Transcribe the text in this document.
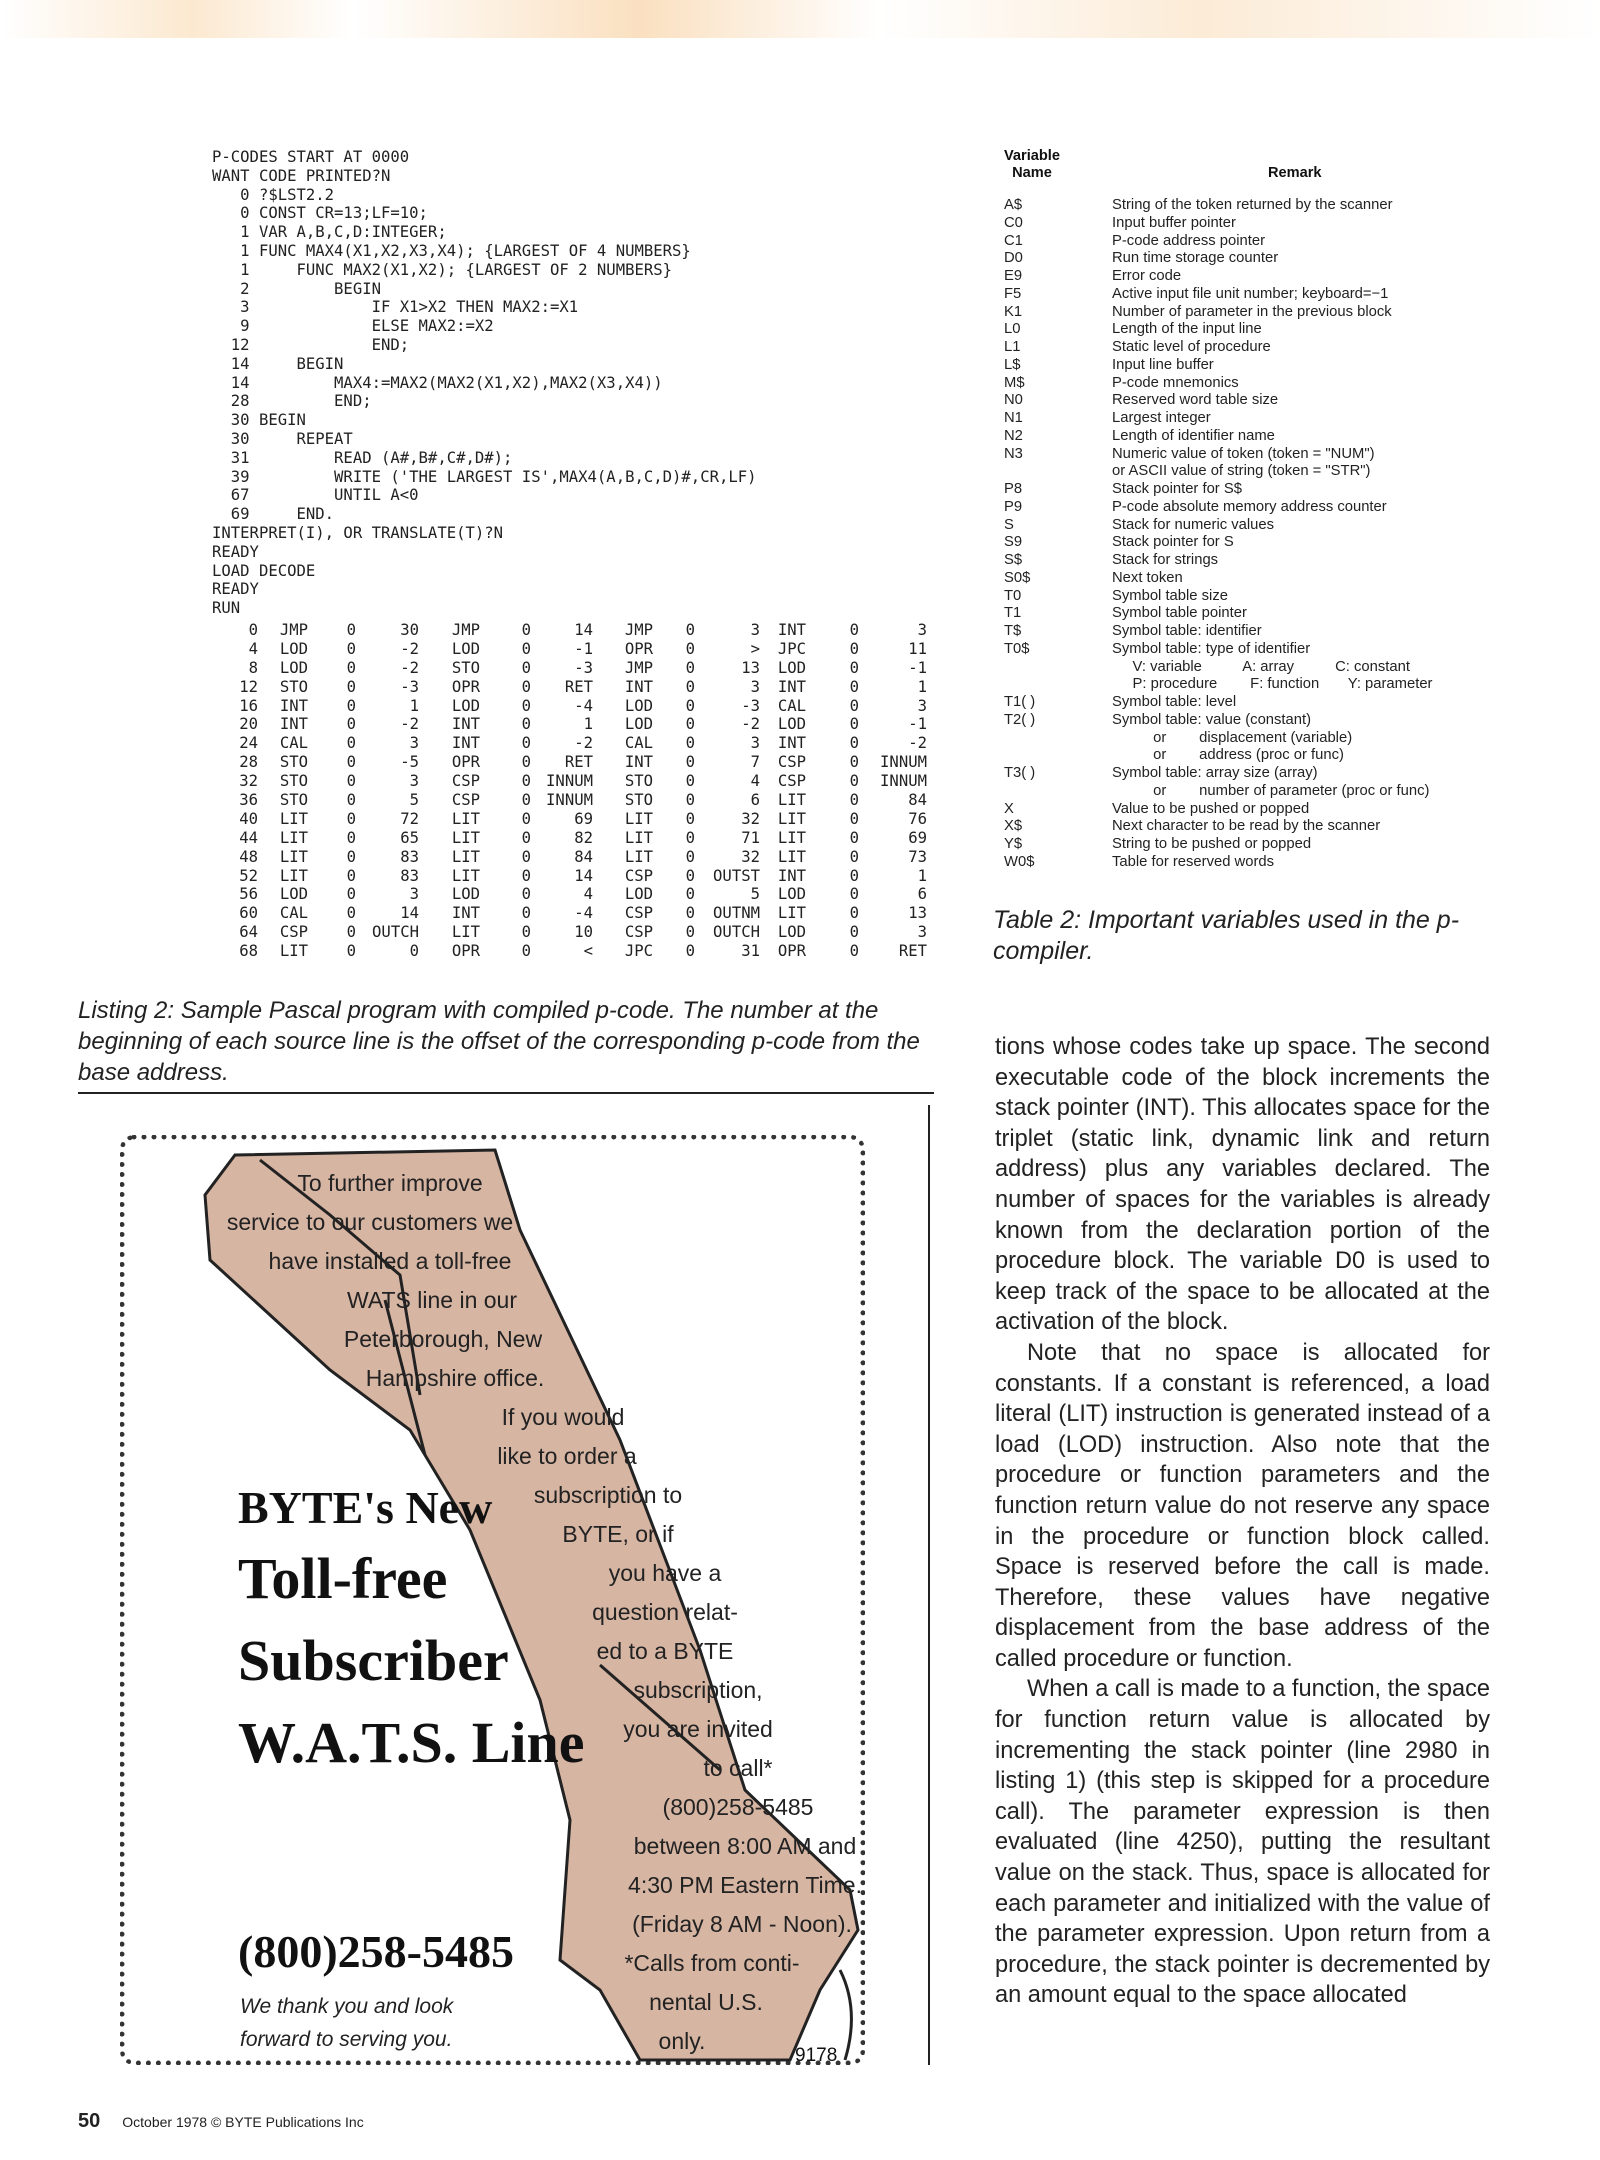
P-CODES START AT 0000
WANT CODE PRINTED?N
0 ?$LST2.2
0 CONST CR=13;LF=10;
1 VAR A,B,C,D:INTEGER;
1 FUNC MAX4(X1,X2,X3,X4); {LARGEST OF 4 NUMBERS}
1     FUNC MAX2(X1,X2); {LARGEST OF 2 NUMBERS}
2         BEGIN
3             IF X1>X2 THEN MAX2:=X1
9             ELSE MAX2:=X2
12             END;
14     BEGIN
14         MAX4:=MAX2(MAX2(X1,X2),MAX2(X3,X4))
28         END;
30 BEGIN
30     REPEAT
31         READ (A#,B#,C#,D#);
39         WRITE ('THE LARGEST IS',MAX4(A,B,C,D)#,CR,LF)
67         UNTIL A<0
69     END.
INTERPRET(I), OR TRANSLATE(T)?N
READY
LOAD DECODE
READY
RUN
0	JMP	0	30	JMP	0	14	JMP	0	3	INT	0	3
4	LOD	0	-2	LOD	0	-1	OPR	0	>	JPC	0	11
8	LOD	0	-2	STO	0	-3	JMP	0	13	LOD	0	-1
12	STO	0	-3	OPR	0	RET	INT	0	3	INT	0	1
16	INT	0	1	LOD	0	-4	LOD	0	-3	CAL	0	3
20	INT	0	-2	INT	0	1	LOD	0	-2	LOD	0	-1
24	CAL	0	3	INT	0	-2	CAL	0	3	INT	0	-2
28	STO	0	-5	OPR	0	RET	INT	0	7	CSP	0	INNUM
32	STO	0	3	CSP	0 INNUM	STO	0	4	CSP	0	INNUM
36	STO	0	5	CSP	0 INNUM	STO	0	6	LIT	0	84
40	LIT	0	72	LIT	0	69	LIT	0	32	LIT	0	76
44	LIT	0	65	LIT	0	82	LIT	0	71	LIT	0	69
48	LIT	0	83	LIT	0	84	LIT	0	32	LIT	0	73
52	LIT	0	83	LIT	0	14	CSP	0	OUTST	INT	0	1
56	LOD	0	3	LOD	0	4	LOD	0	5	LOD	0	6
60	CAL	0	14	INT	0	-4	CSP	0	OUTNM	LIT	0	13
64	CSP	0	OUTCH	LIT	0	10	CSP	0	OUTCH	LOD	0	3
68	LIT	0	0	OPR	0	<	JPC	0	31	OPR	0	RET
Listing 2: Sample Pascal program with compiled p-code. The number at the beginning of each source line is the offset of the corresponding p-code from the base address.
Variable Name	Remark
A$	String of the token returned by the scanner
C0	Input buffer pointer
C1	P-code address pointer
D0	Run time storage counter
E9	Error code
F5	Active input file unit number; keyboard=−1
K1	Number of parameter in the previous block
L0	Length of the input line
L1	Static level of procedure
L$	Input line buffer
M$	P-code mnemonics
N0	Reserved word table size
N1	Largest integer
N2	Length of identifier name
N3	Numeric value of token (token = "NUM")
or ASCII value of string (token = "STR")
P8	Stack pointer for S$
P9	P-code absolute memory address counter
S	Stack for numeric values
S9	Stack pointer for S
S$	Stack for strings
S0$	Next token
T0	Symbol table size
T1	Symbol table pointer
T$	Symbol table: identifier
T0$	Symbol table: type of identifier
V: variable          A: array          C: constant
P: procedure        F: function       Y: parameter
T1( )	Symbol table: level
T2( )	Symbol table: value (constant)
or        displacement (variable)
or        address (proc or func)
T3( )	Symbol table: array size (array)
or        number of parameter (proc or func)
X	Value to be pushed or popped
X$	Next character to be read by the scanner
Y$	String to be pushed or popped
W0$	Table for reserved words
Table 2: Important variables used in the p-compiler.

tions whose codes take up space. The second executable code of the block increments the stack pointer (INT). This allocates space for the triplet (static link, dynamic link and return address) plus any variables declared. The number of spaces for the variables is already known from the declaration portion of the procedure block. The variable D0 is used to keep track of the space to be allocated at the activation of the block.

Note that no space is allocated for constants. If a constant is referenced, a load literal (LIT) instruction is generated instead of a load (LOD) instruction. Also note that the procedure or function parameters and the function return value do not reserve any space in the procedure or function block called. Space is reserved before the call is made. Therefore, these values have negative displacement from the base address of the called procedure or function.

When a call is made to a function, the space for function return value is allocated by incrementing the stack pointer (line 2980 in listing 1) (this step is skipped for a procedure call). The parameter expression is then evaluated (line 4250), putting the resultant value on the stack. Thus, space is allocated for each parameter and initialized with the value of the parameter expression. Upon return from a procedure, the stack pointer is decremented by an amount equal to the space allocated

To further improve
service to our customers we
have installed a toll-free
WATS line in our
Peterborough, New
Hampshire office.
If you would
like to order a
subscription to
BYTE, or if
you have a
question relat-
ed to a BYTE
subscription,
you are invited
to call*
(800)258-5485
between 8:00 AM and
4:30 PM Eastern Time.
(Friday 8 AM - Noon).
*Calls from conti-
nental U.S.
only.
BYTE's New
Toll-free
Subscriber
W.A.T.S. Line
(800)258-5485
We thank you and look
forward to serving you.
9178
50 October 1978 © BYTE Publications Inc
